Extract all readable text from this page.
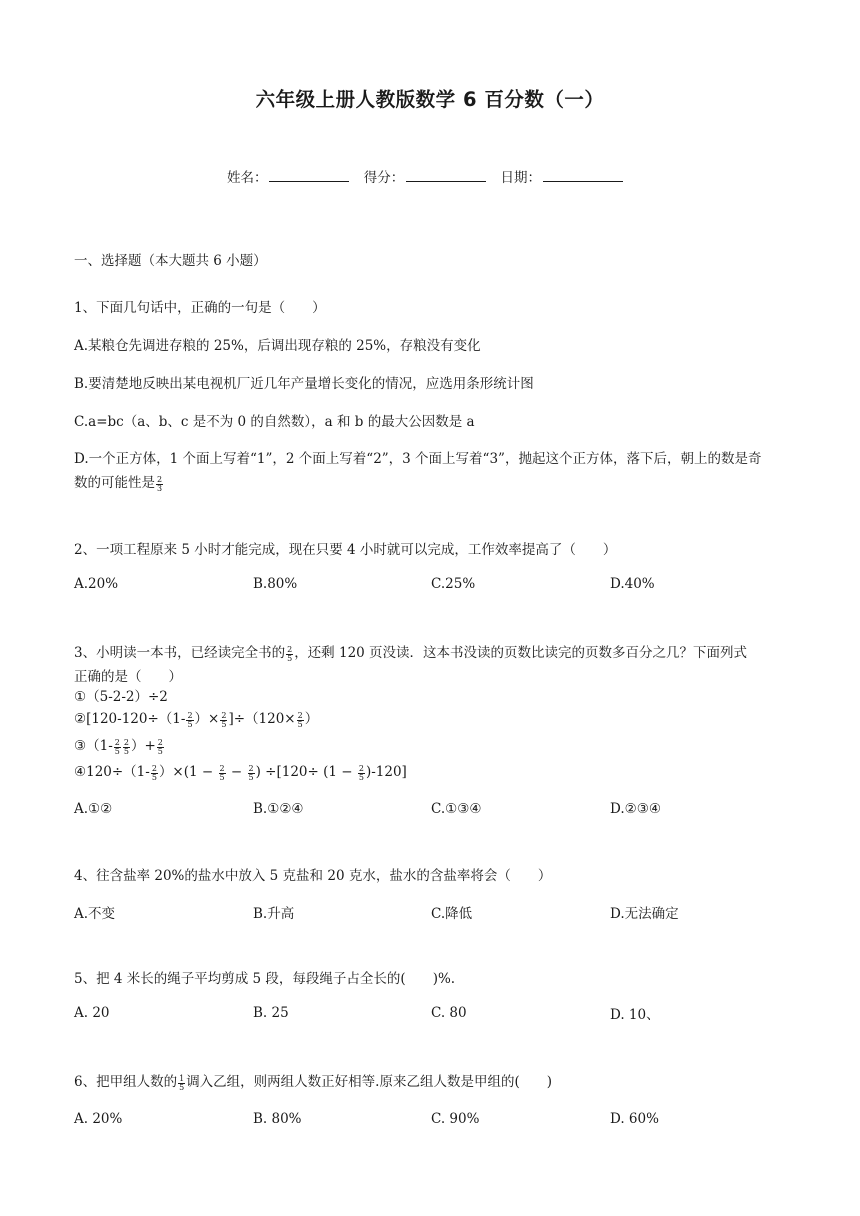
六年级上册人教版数学 6 百分数（一）
姓名：	得分：	日期：
一、选择题（本大题共 6 小题）
1、下面几句话中，正确的一句是（　　）
A.某粮仓先调进存粮的 25%，后调出现存粮的 25%，存粮没有变化
B.要清楚地反映出某电视机厂近几年产量增长变化的情况，应选用条形统计图
C.a=bc（a、b、c 是不为 0 的自然数），a 和 b 的最大公因数是 a
D.一个正方体，1 个面上写着“1”，2 个面上写着“2”，3 个面上写着“3”，抛起这个正方体，落下后，朝上的数是奇
数的可能性是 $\frac{2}{3}$
2、一项工程原来 5 小时才能完成，现在只要 4 小时就可以完成，工作效率提高了（　　）
A.20%	B.80%	C.25%	D.40%
3、小明读一本书，已经读完全书的 $\frac{2}{5}$ ，还剩 120 页没读．这本书没读的页数比读完的页数多百分之几？下面列式
正确的是（　　）
①（5-2-2）÷2
②[120-120÷（1- $\frac{2}{5}$ ）× $\frac{2}{5} ]\div(120\times \frac{2}{5}$ ）
③（1- $\frac{2}{5} \frac{2}{5}$ ）+ $\frac{2}{5}$
④120÷（1- $\frac{2}{5} )\times(1 - \frac{2}{5} - \frac{2}{5}$ ) $\div[120\div (1 - \frac{2}{5} )-120]$
A.①②	B.①②④	C.①③④	D.②③④
4、往含盐率 20%的盐水中放入 5 克盐和 20 克水，盐水的含盐率将会（　　）
A.不变	B.升高	C.降低	D.无法确定
5、把 4 米长的绳子平均剪成 5 段，每段绳子占全长的(　　)%.
A. 20	B. 25	C. 80	D. 10、
6、把甲组人数的 $\frac{1}{5}$ 调入乙组，则两组人数正好相等.原来乙组人数是甲组的(　　)
A. 20%	B. 80%	C. 90%	D. 60%
